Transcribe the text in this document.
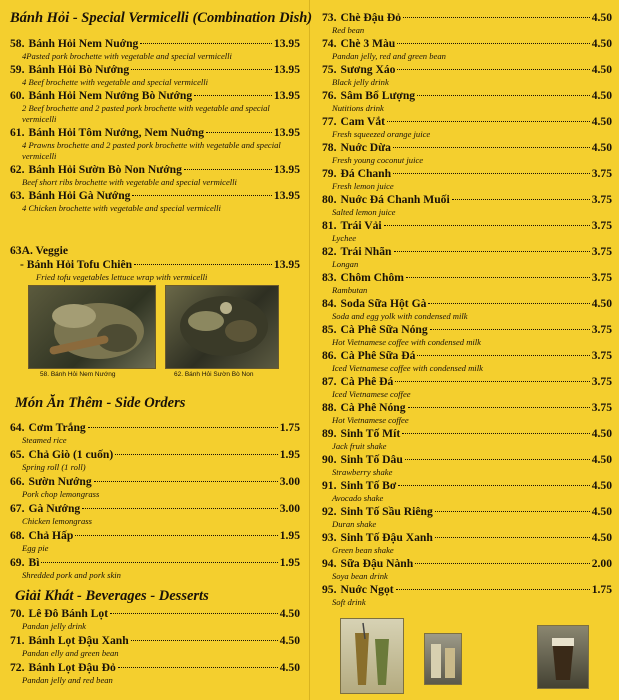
Bánh Hỏi - Special Vermicelli (Combination Dish)
58. Bánh Hỏi Nem Nuớng	13.95
4Pasted pork brochette with vegetable and special vermicelli
59. Bánh Hỏi Bò Nướng	13.95
4 Beef brochette with vegetable and special vermicelli
60. Bánh Hỏi Nem Nướng Bò Nướng	13.95
2 Beef brochette and 2 pasted pork brochette with vegetable and special vermicelli
61. Bánh Hỏi Tôm Nướng, Nem Nuớng	13.95
4 Prawns brochette and 2 pasted pork brochette with vegetable and special vermicelli
62. Bánh Hỏi Sườn Bò Non Nướng	13.95
Beef short ribs brochette with vegetable and special vermicelli
63. Bánh Hỏi Gà Nướng	13.95
4 Chicken brochette with vegetable and special vermicelli
63A. Veggie
- Bánh Hỏi Tofu Chiên	13.95
Fried tofu vegetables lettuce wrap with vermicelli
58. Bánh Hỏi Nem Nướng	62. Bánh Hỏi Sườn Bò Non
Món Ăn Thêm - Side Orders
64. Cơm Trắng	1.75
Steamed rice
65. Chả Giò (1 cuốn)	1.95
Spring roll (1 roll)
66. Sườn Nướng	3.00
Pork chop lemongrass
67. Gà Nướng	3.00
Chicken lemongrass
68. Chả Hấp	1.95
Egg pie
69. Bì	1.95
Shredded pork and pork skin
Giải Khát - Beverages - Desserts
70. Lê Đô Bánh Lọt	4.50
Pandan jelly drink
71. Bánh Lọt Đậu Xanh	4.50
Pandan elly and green bean
72. Bánh Lọt Đậu Đỏ	4.50
Pandan jelly and red bean
73. Chè Đậu Đỏ	4.50
Red bean
74. Chè 3 Màu	4.50
Pandan jelly, red and green bean
75. Sương Xáo	4.50
Black jelly drink
76. Sâm Bổ Lượng	4.50
Nutitions drink
77. Cam Vắt	4.50
Fresh squeezed orange juice
78. Nuớc Dừa	4.50
Fresh young coconut juice
79. Đá Chanh	3.75
Fresh lemon juice
80. Nuớc Đá Chanh Muối	3.75
Salted lemon juice
81. Trái Vải	3.75
Lychee
82. Trái Nhãn	3.75
Longan
83. Chôm Chôm	3.75
Rambutan
84. Soda Sữa Hột Gà	4.50
Soda and egg yolk with condensed milk
85. Cà Phê Sữa Nóng	3.75
Hot Vietnamese coffee with condensed milk
86. Cà Phê Sữa Đá	3.75
Iced Vietnamese coffee with condensed milk
87. Cà Phê Đá	3.75
Iced Vietnamese coffee
88. Cà Phê Nóng	3.75
Hot Vietnamese coffee
89. Sinh Tố Mít	4.50
Jack fruit shake
90. Sinh Tố Dâu	4.50
Strawberry shake
91. Sinh Tố Bơ	4.50
Avocado shake
92. Sinh Tố Sầu Riêng	4.50
Duran shake
93. Sinh Tố Đậu Xanh	4.50
Green bean shake
94. Sữa Đậu Nành	2.00
Soya bean drink
95. Nuớc Ngọt	1.75
Soft drink
